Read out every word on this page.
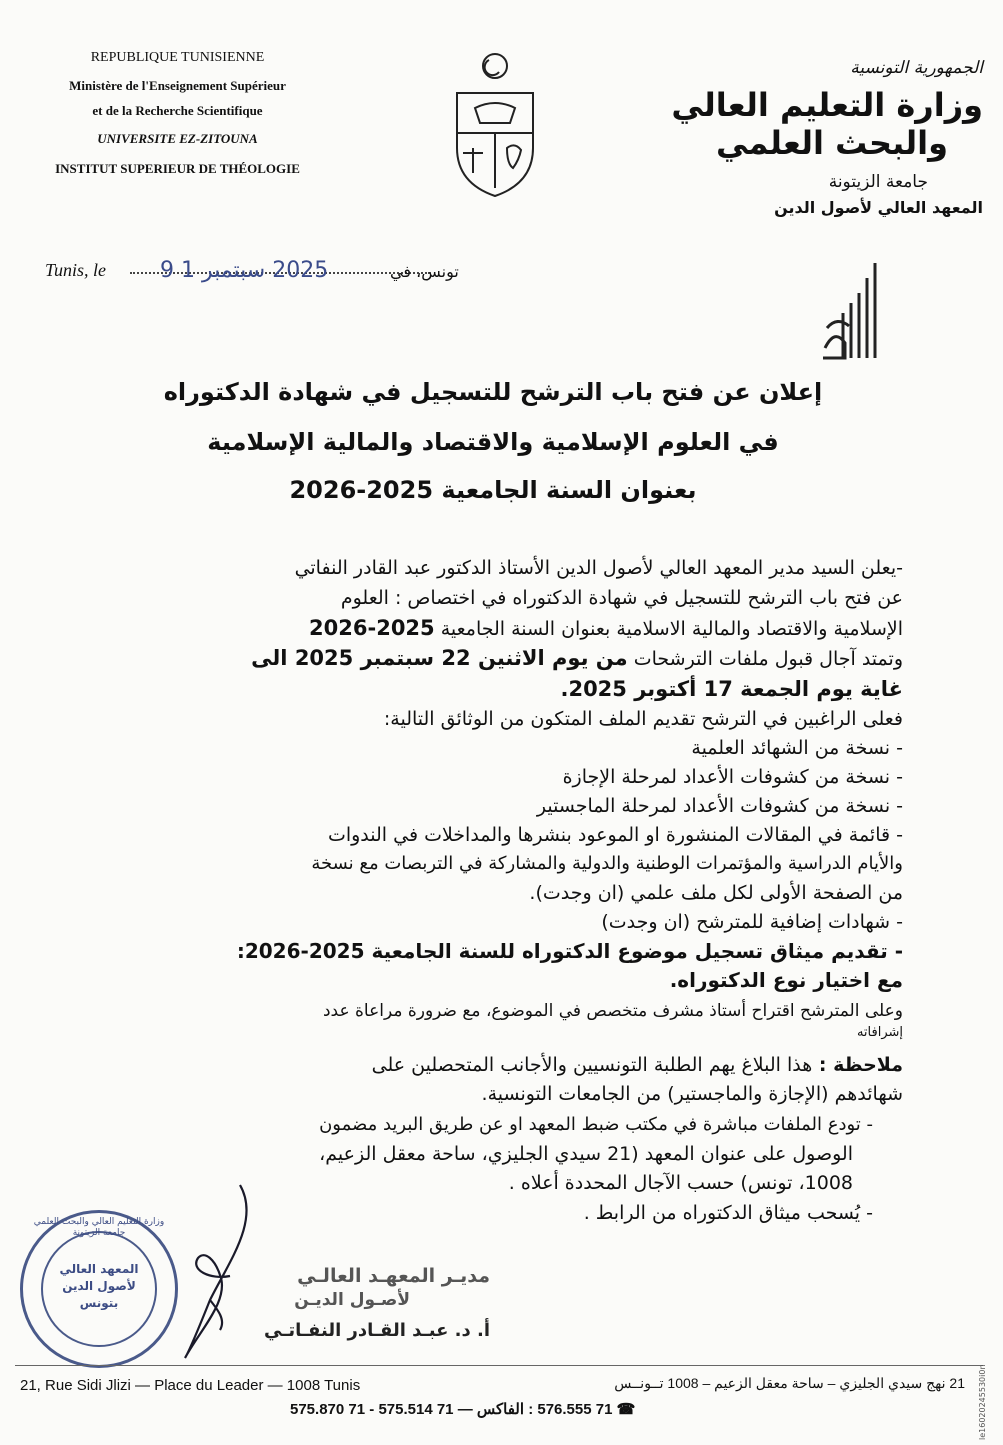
REPUBLIQUE TUNISIENNE
Ministère de l'Enseignement Supérieur
et de la Recherche Scientifique
UNIVERSITE EZ-ZITOUNA
INSTITUT SUPERIEUR DE THÉOLOGIE
الجمهورية التونسية
وزارة التعليم العالي
والبحث العلمي
جامعة الزيتونة
المعهد العالي لأصول الدين
Tunis, le 2025 سبتمبر 1 9	تونس، في
إعلان عن فتح باب الترشح للتسجيل في شهادة الدكتوراه
في العلوم الإسلامية والاقتصاد والمالية الإسلامية
بعنوان السنة الجامعية 2025-2026
-يعلن السيد مدير المعهد العالي لأصول الدين الأستاذ الدكتور عبد القادر النفاتي
عن فتح باب الترشح للتسجيل في شهادة الدكتوراه في اختصاص : العلوم
الإسلامية والاقتصاد والمالية الاسلامية بعنوان السنة الجامعية 2025-2026
وتمتد آجال قبول ملفات الترشحات من يوم الاثنين 22 سبتمبر 2025 الى
غاية يوم الجمعة 17 أكتوبر 2025.
فعلى الراغبين في الترشح تقديم الملف المتكون من الوثائق التالية:
- نسخة من الشهائد العلمية
- نسخة من كشوفات الأعداد لمرحلة الإجازة
- نسخة من كشوفات الأعداد لمرحلة الماجستير
- قائمة في المقالات المنشورة او الموعود بنشرها والمداخلات في الندوات
والأيام الدراسية والمؤتمرات الوطنية والدولية والمشاركة في التربصات مع نسخة
من الصفحة الأولى لكل ملف علمي (ان وجدت).
- شهادات إضافية للمترشح (ان وجدت)
- تقديم ميثاق تسجيل موضوع الدكتوراه للسنة الجامعية 2025-2026:
مع اختيار نوع الدكتوراه.
وعلى المترشح اقتراح أستاذ مشرف متخصص في الموضوع، مع ضرورة مراعاة عدد
إشرافاته
ملاحظة : هذا البلاغ يهم الطلبة التونسيين والأجانب المتحصلين على
شهائدهم (الإجازة والماجستير) من الجامعات التونسية.
- تودع الملفات مباشرة في مكتب ضبط المعهد او عن طريق البريد مضمون
الوصول على عنوان المعهد (21 سيدي الجليزي، ساحة معقل الزعيم،
1008، تونس) حسب الآجال المحددة أعلاه .
- يُسحب ميثاق الدكتوراه من الرابط .
وزارة التعليم العالي والبحث العلمي جامعة الزيتونة
المعهد العالي لأصول الدين بتونس
مديـر المعهـد العالـي
لأصـول الديـن
أ. د. عبـد القـادر النفـاتـي
21, Rue Sidi Jlizi — Place du Leader — 1008 Tunis	21 نهج سيدي الجليزي – ساحة معقل الزعيم – 1008 تــونــس
71 576.555 : الفاكس — 71 575.514 - 71 575.870 ☎	le16020245530i0n
